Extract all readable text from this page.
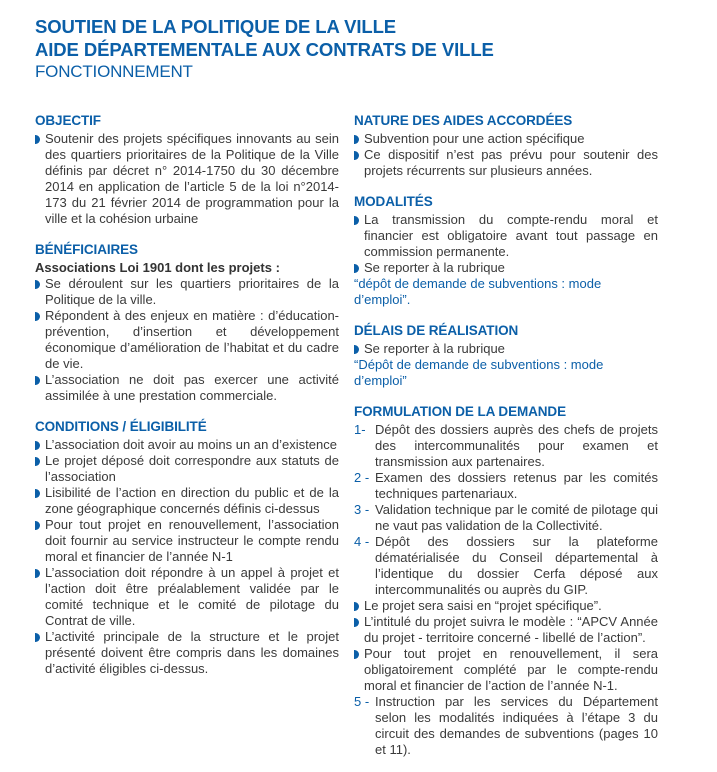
SOUTIEN DE LA POLITIQUE DE LA VILLE
AIDE DÉPARTEMENTALE AUX CONTRATS DE VILLE
FONCTIONNEMENT
OBJECTIF
Soutenir des projets spécifiques innovants au sein des quartiers prioritaires de la Politique de la Ville définis par décret n° 2014-1750 du 30 décembre 2014 en application de l’article 5 de la loi n°2014-173 du 21 février 2014 de programmation pour la ville et la cohésion urbaine
BÉNÉFICIAIRES
Associations Loi 1901 dont les projets :
Se déroulent sur les quartiers prioritaires de la Politique de la ville.
Répondent à des enjeux en matière : d’éducation-prévention, d’insertion et développement économique d’amélioration de l’habitat et du cadre de vie.
L’association ne doit pas exercer une activité assimilée à une prestation commerciale.
CONDITIONS / ÉLIGIBILITÉ
L’association doit avoir au moins un an d’existence
Le projet déposé doit correspondre aux statuts de l’association
Lisibilité de l’action en direction du public et de la zone géographique concernés définis ci-dessus
Pour tout projet en renouvellement, l’association doit fournir au service instructeur le compte rendu moral et financier de l’année N-1
L’association doit répondre à un appel à projet et l’action doit être préalablement validée par le comité technique et le comité de pilotage du Contrat de ville.
L’activité principale de la structure et le projet présenté doivent être compris dans les domaines d’activité éligibles ci-dessus.
NATURE DES AIDES ACCORDÉES
Subvention pour une action spécifique
Ce dispositif n’est pas prévu pour soutenir des projets récurrents sur plusieurs années.
MODALITÉS
La transmission du compte-rendu moral et financier est obligatoire avant tout passage en commission permanente.
Se reporter à la rubrique
“dépôt de demande de subventions : mode d’emploi”.
DÉLAIS DE RÉALISATION
Se reporter à la rubrique
“Dépôt de demande de subventions : mode d’emploi”
FORMULATION DE LA DEMANDE
1- Dépôt des dossiers auprès des chefs de projets des intercommunalités pour examen et transmission aux partenaires.
2 - Examen des dossiers retenus par les comités techniques partenariaux.
3 - Validation technique par le comité de pilotage qui ne vaut pas validation de la Collectivité.
4 - Dépôt des dossiers sur la plateforme dématérialisée du Conseil départemental à l’identique du dossier Cerfa déposé aux intercommunalités ou auprès du GIP.
Le projet sera saisi en “projet spécifique”.
L’intitulé du projet suivra le modèle : “APCV Année du projet - territoire concerné - libellé de l’action”.
Pour tout projet en renouvellement, il sera obligatoirement complété par le compte-rendu moral et financier de l’action de l’année N-1.
5 - Instruction par les services du Département selon les modalités indiquées à l’étape 3 du circuit des demandes de subventions (pages 10 et 11).
